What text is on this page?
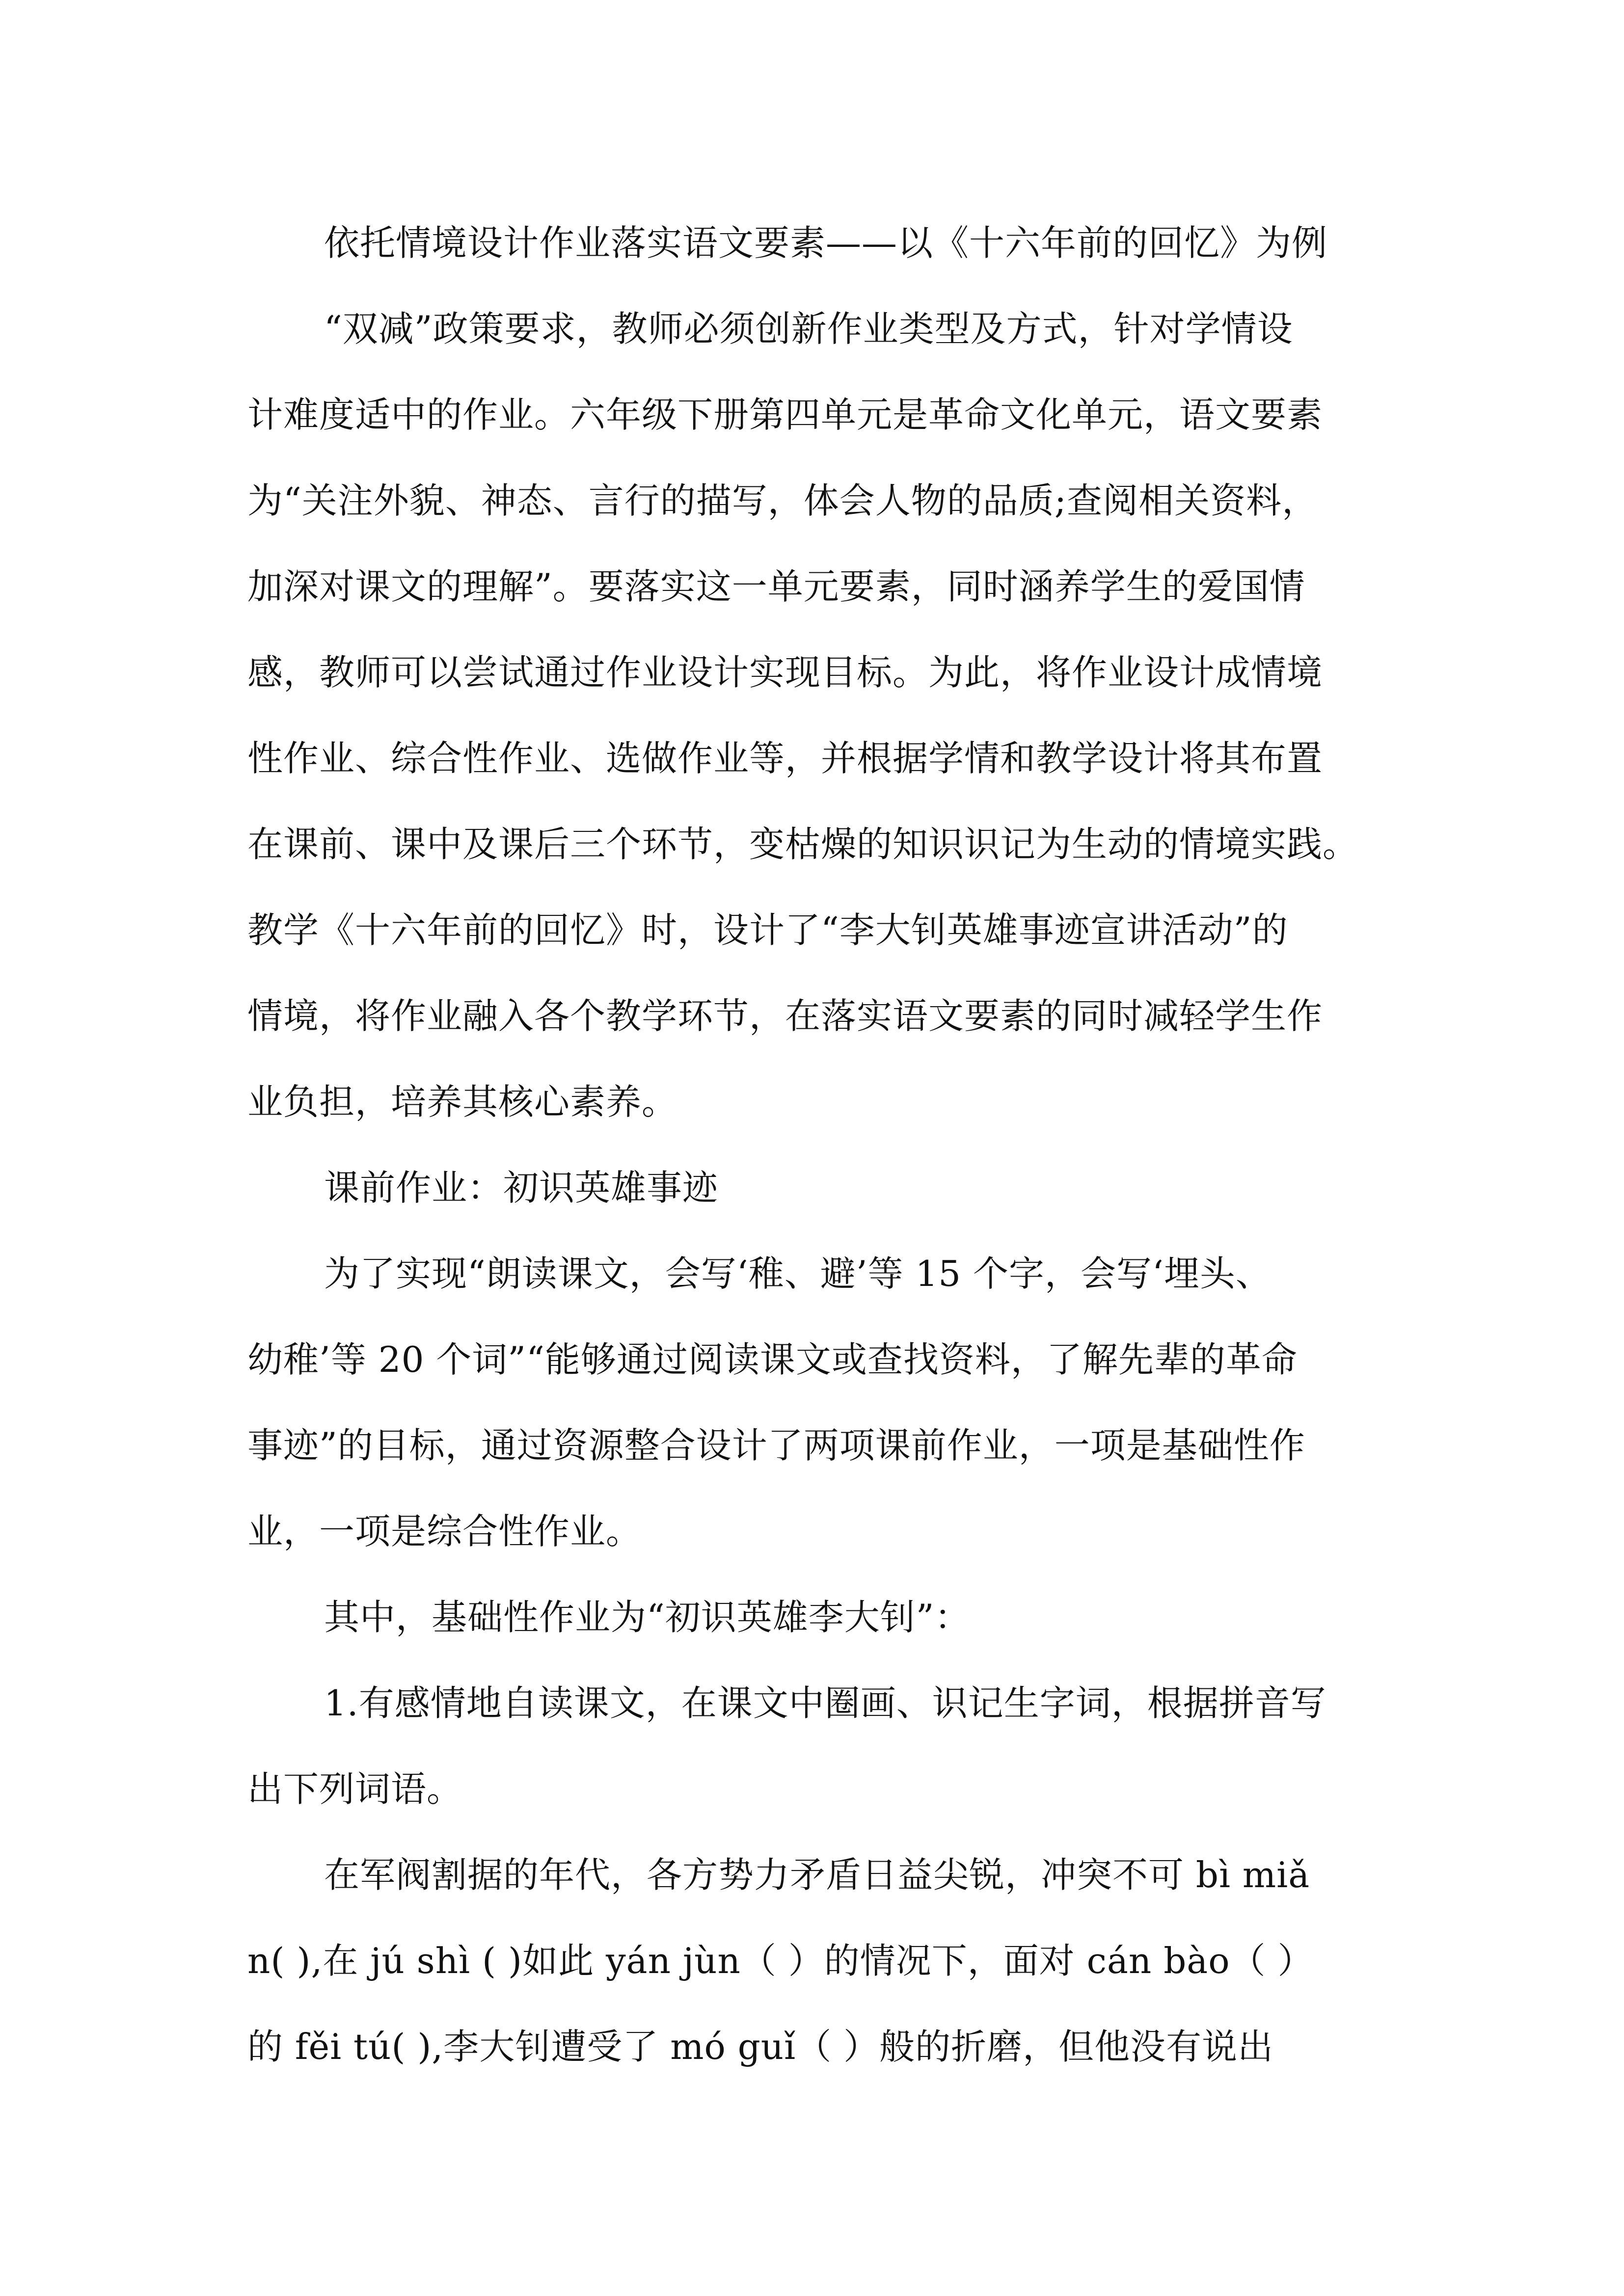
依托情境设计作业落实语文要素——以《十六年前的回忆》为例
“双减”政策要求，教师必须创新作业类型及方式，针对学情设
计难度适中的作业。六年级下册第四单元是革命文化单元，语文要素
为“关注外貌、神态、言行的描写，体会人物的品质;查阅相关资料，
加深对课文的理解”。要落实这一单元要素，同时涵养学生的爱国情
感，教师可以尝试通过作业设计实现目标。为此，将作业设计成情境
性作业、综合性作业、选做作业等，并根据学情和教学设计将其布置
在课前、课中及课后三个环节，变枯燥的知识识记为生动的情境实践。
教学《十六年前的回忆》时，设计了“李大钊英雄事迹宣讲活动”的
情境，将作业融入各个教学环节，在落实语文要素的同时减轻学生作
业负担，培养其核心素养。
课前作业：初识英雄事迹
为了实现“朗读课文，会写‘稚、避’等 15 个字，会写‘埋头、
幼稚’等 20 个词”“能够通过阅读课文或查找资料，了解先辈的革命
事迹”的目标，通过资源整合设计了两项课前作业，一项是基础性作
业，一项是综合性作业。
其中，基础性作业为“初识英雄李大钊”：
1.有感情地自读课文，在课文中圈画、识记生字词，根据拼音写
出下列词语。
在军阀割据的年代，各方势力矛盾日益尖锐，冲突不可 bì miǎ
n( ),在 jú shì ( )如此 yán jùn（ ）的情况下，面对 cán bào（ ）
的 fěi tú( ),李大钊遭受了 mó guǐ（ ）般的折磨，但他没有说出
